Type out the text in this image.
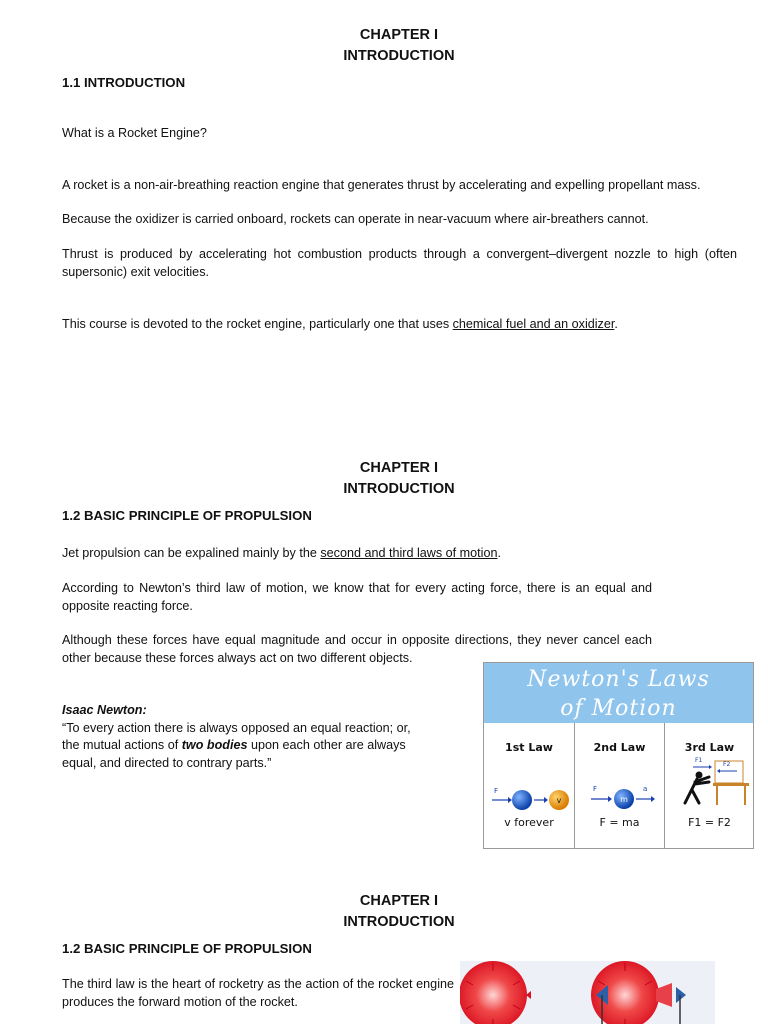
CHAPTER I
INTRODUCTION
1.1 INTRODUCTION
What is a Rocket Engine?
A rocket is a non-air-breathing reaction engine that generates thrust by accelerating and expelling propellant mass.
Because the oxidizer is carried onboard, rockets can operate in near-vacuum where air-breathers cannot.
Thrust is produced by accelerating hot combustion products through a convergent–divergent nozzle to high (often supersonic) exit velocities.
This course is devoted to the rocket engine, particularly one that uses chemical fuel and an oxidizer.
CHAPTER I
INTRODUCTION
1.2 BASIC PRINCIPLE OF PROPULSION
Jet propulsion can be expalined mainly by the second and third laws of motion.
According to Newton’s third law of motion, we know that for every acting force, there is an equal and opposite reacting force.
Although these forces have equal magnitude and occur in opposite directions, they never cancel each other because these forces always act on two different objects.
Isaac Newton:
“To every action there is always opposed an equal reaction; or, the mutual actions of two bodies upon each other are always equal, and directed to contrary parts.”
Newton's Laws
of Motion
1st Law
F
v
v forever
2nd Law
F
m
a
F = ma
3rd Law
F1
F2
F1 = F2
CHAPTER I
INTRODUCTION
1.2 BASIC PRINCIPLE OF PROPULSION
The third law is the heart of rocketry as the action of the rocket engine produces the forward motion of the rocket.
